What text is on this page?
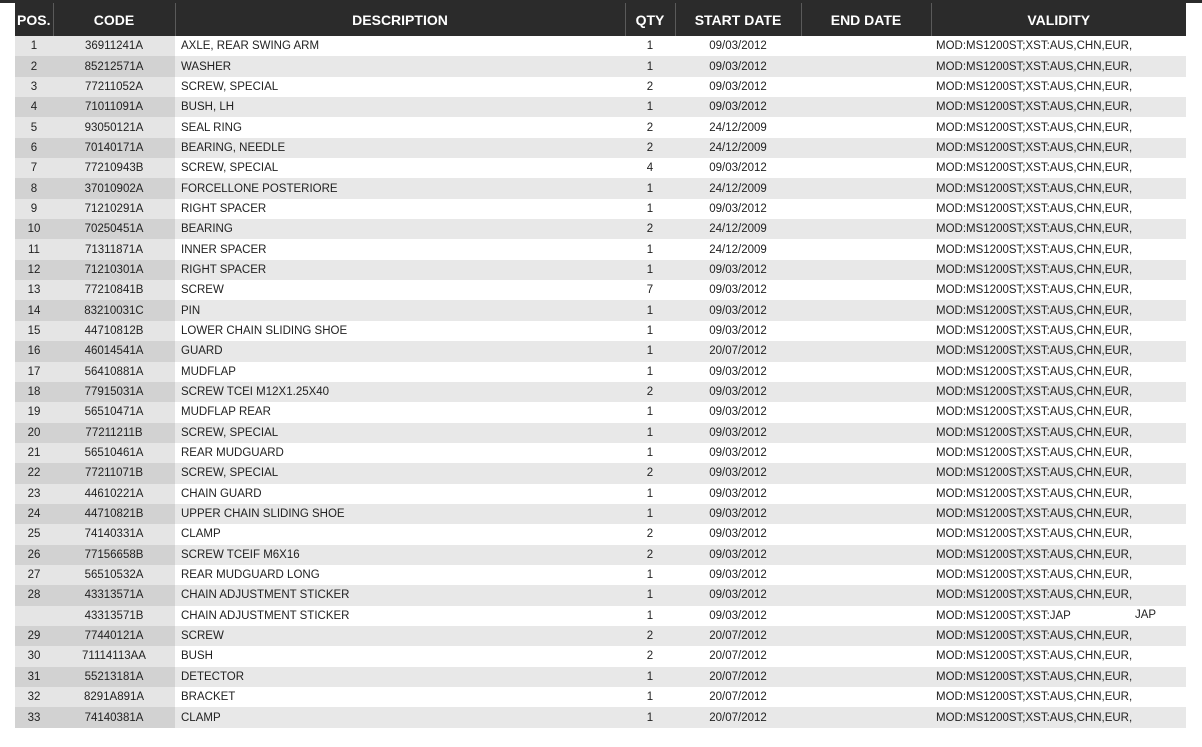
POS.	CODE	DESCRIPTION	QTY	START DATE	END DATE	VALIDITY
1	36911241A	AXLE, REAR SWING ARM	1	09/03/2012		MOD:MS1200ST;XST:AUS,CHN,EUR,
2	85212571A	WASHER	1	09/03/2012		MOD:MS1200ST;XST:AUS,CHN,EUR,
3	77211052A	SCREW, SPECIAL	2	09/03/2012		MOD:MS1200ST;XST:AUS,CHN,EUR,
4	71011091A	BUSH, LH	1	09/03/2012		MOD:MS1200ST;XST:AUS,CHN,EUR,
5	93050121A	SEAL RING	2	24/12/2009		MOD:MS1200ST;XST:AUS,CHN,EUR,
6	70140171A	BEARING, NEEDLE	2	24/12/2009		MOD:MS1200ST;XST:AUS,CHN,EUR,
7	77210943B	SCREW, SPECIAL	4	09/03/2012		MOD:MS1200ST;XST:AUS,CHN,EUR,
8	37010902A	FORCELLONE POSTERIORE	1	24/12/2009		MOD:MS1200ST;XST:AUS,CHN,EUR,
9	71210291A	RIGHT SPACER	1	09/03/2012		MOD:MS1200ST;XST:AUS,CHN,EUR,
10	70250451A	BEARING	2	24/12/2009		MOD:MS1200ST;XST:AUS,CHN,EUR,
11	71311871A	INNER SPACER	1	24/12/2009		MOD:MS1200ST;XST:AUS,CHN,EUR,
12	71210301A	RIGHT SPACER	1	09/03/2012		MOD:MS1200ST;XST:AUS,CHN,EUR,
13	77210841B	SCREW	7	09/03/2012		MOD:MS1200ST;XST:AUS,CHN,EUR,
14	83210031C	PIN	1	09/03/2012		MOD:MS1200ST;XST:AUS,CHN,EUR,
15	44710812B	LOWER CHAIN SLIDING SHOE	1	09/03/2012		MOD:MS1200ST;XST:AUS,CHN,EUR,
16	46014541A	GUARD	1	20/07/2012		MOD:MS1200ST;XST:AUS,CHN,EUR,
17	56410881A	MUDFLAP	1	09/03/2012		MOD:MS1200ST;XST:AUS,CHN,EUR,
18	77915031A	SCREW TCEI M12X1.25X40	2	09/03/2012		MOD:MS1200ST;XST:AUS,CHN,EUR,
19	56510471A	MUDFLAP REAR	1	09/03/2012		MOD:MS1200ST;XST:AUS,CHN,EUR,
20	77211211B	SCREW, SPECIAL	1	09/03/2012		MOD:MS1200ST;XST:AUS,CHN,EUR,
21	56510461A	REAR MUDGUARD	1	09/03/2012		MOD:MS1200ST;XST:AUS,CHN,EUR,
22	77211071B	SCREW, SPECIAL	2	09/03/2012		MOD:MS1200ST;XST:AUS,CHN,EUR,
23	44610221A	CHAIN GUARD	1	09/03/2012		MOD:MS1200ST;XST:AUS,CHN,EUR,
24	44710821B	UPPER CHAIN SLIDING SHOE	1	09/03/2012		MOD:MS1200ST;XST:AUS,CHN,EUR,
25	74140331A	CLAMP	2	09/03/2012		MOD:MS1200ST;XST:AUS,CHN,EUR,
26	77156658B	SCREW TCEIF M6X16	2	09/03/2012		MOD:MS1200ST;XST:AUS,CHN,EUR,
27	56510532A	REAR MUDGUARD LONG	1	09/03/2012		MOD:MS1200ST;XST:AUS,CHN,EUR,
28	43313571A	CHAIN ADJUSTMENT STICKER	1	09/03/2012		MOD:MS1200ST;XST:AUS,CHN,EUR,
	43313571B	CHAIN ADJUSTMENT STICKER	1	09/03/2012		MOD:MS1200ST;XST:JAP JAP

29	77440121A	SCREW	2	20/07/2012		MOD:MS1200ST;XST:AUS,CHN,EUR,
30	71114113AA	BUSH	2	20/07/2012		MOD:MS1200ST;XST:AUS,CHN,EUR,
31	55213181A	DETECTOR	1	20/07/2012		MOD:MS1200ST;XST:AUS,CHN,EUR,
32	8291A891A	BRACKET	1	20/07/2012		MOD:MS1200ST;XST:AUS,CHN,EUR,
33	74140381A	CLAMP	1	20/07/2012		MOD:MS1200ST;XST:AUS,CHN,EUR,
